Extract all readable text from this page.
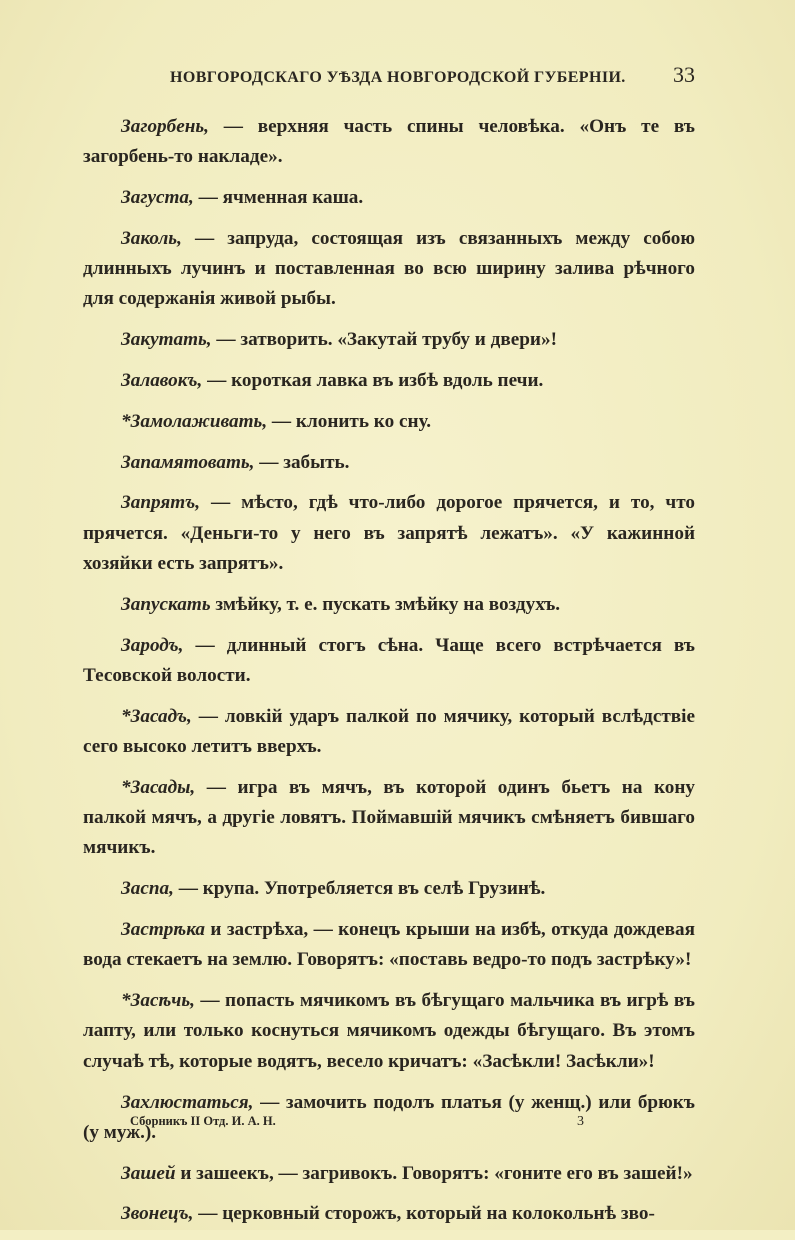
НОВГОРОДСКАГО УѢЗДА НОВГОРОДСКОЙ ГУБЕРНІИ. 33

Загорбень, — верхняя часть спины человѣка. «Онъ те въ загорбень-то накладе».

Загуста, — ячменная каша.

Заколь, — запруда, состоящая изъ связанныхъ между собою длинныхъ лучинъ и поставленная во всю ширину залива рѣчного для содержанія живой рыбы.

Закутать, — затворить. «Закутай трубу и двери»!

Залавокъ, — короткая лавка въ избѣ вдоль печи.

*Замолаживать, — клонить ко сну.

Запамятовать, — забыть.

Запрятъ, — мѣсто, гдѣ что-либо дорогое прячется, и то, что прячется. «Деньги-то у него въ запрятѣ лежатъ». «У кажинной хозяйки есть запрятъ».

Запускать змѣйку, т. е. пускать змѣйку на воздухъ.

Зародъ, — длинный стогъ сѣна. Чаще всего встрѣчается въ Тесовской волости.

*Засадъ, — ловкій ударъ палкой по мячику, который вслѣдствіе сего высоко летитъ вверхъ.

*Засады, — игра въ мячъ, въ которой одинъ бьетъ на кону палкой мячъ, а другіе ловятъ. Поймавшій мячикъ смѣняетъ бившаго мячикъ.

Заспа, — крупа. Употребляется въ селѣ Грузинѣ.

Застрѣка и застрѣха, — конецъ крыши на избѣ, откуда дождевая вода стекаетъ на землю. Говорятъ: «поставь ведро-то подъ застрѣку»!

*Засѣчь, — попасть мячикомъ въ бѣгущаго мальчика въ игрѣ въ лапту, или только коснуться мячикомъ одежды бѣгущаго. Въ этомъ случаѣ тѣ, которые водятъ, весело кричатъ: «Засѣкли! Засѣкли»!

Захлюстаться, — замочить подолъ платья (у женщ.) или брюкъ (у муж.).

Зашей и зашеекъ, — загривокъ. Говорятъ: «гоните его въ зашей!»

Звонецъ, — церковный сторожъ, который на колокольнѣ зво-

Сборникъ II Отд. И. А. Н.	3
